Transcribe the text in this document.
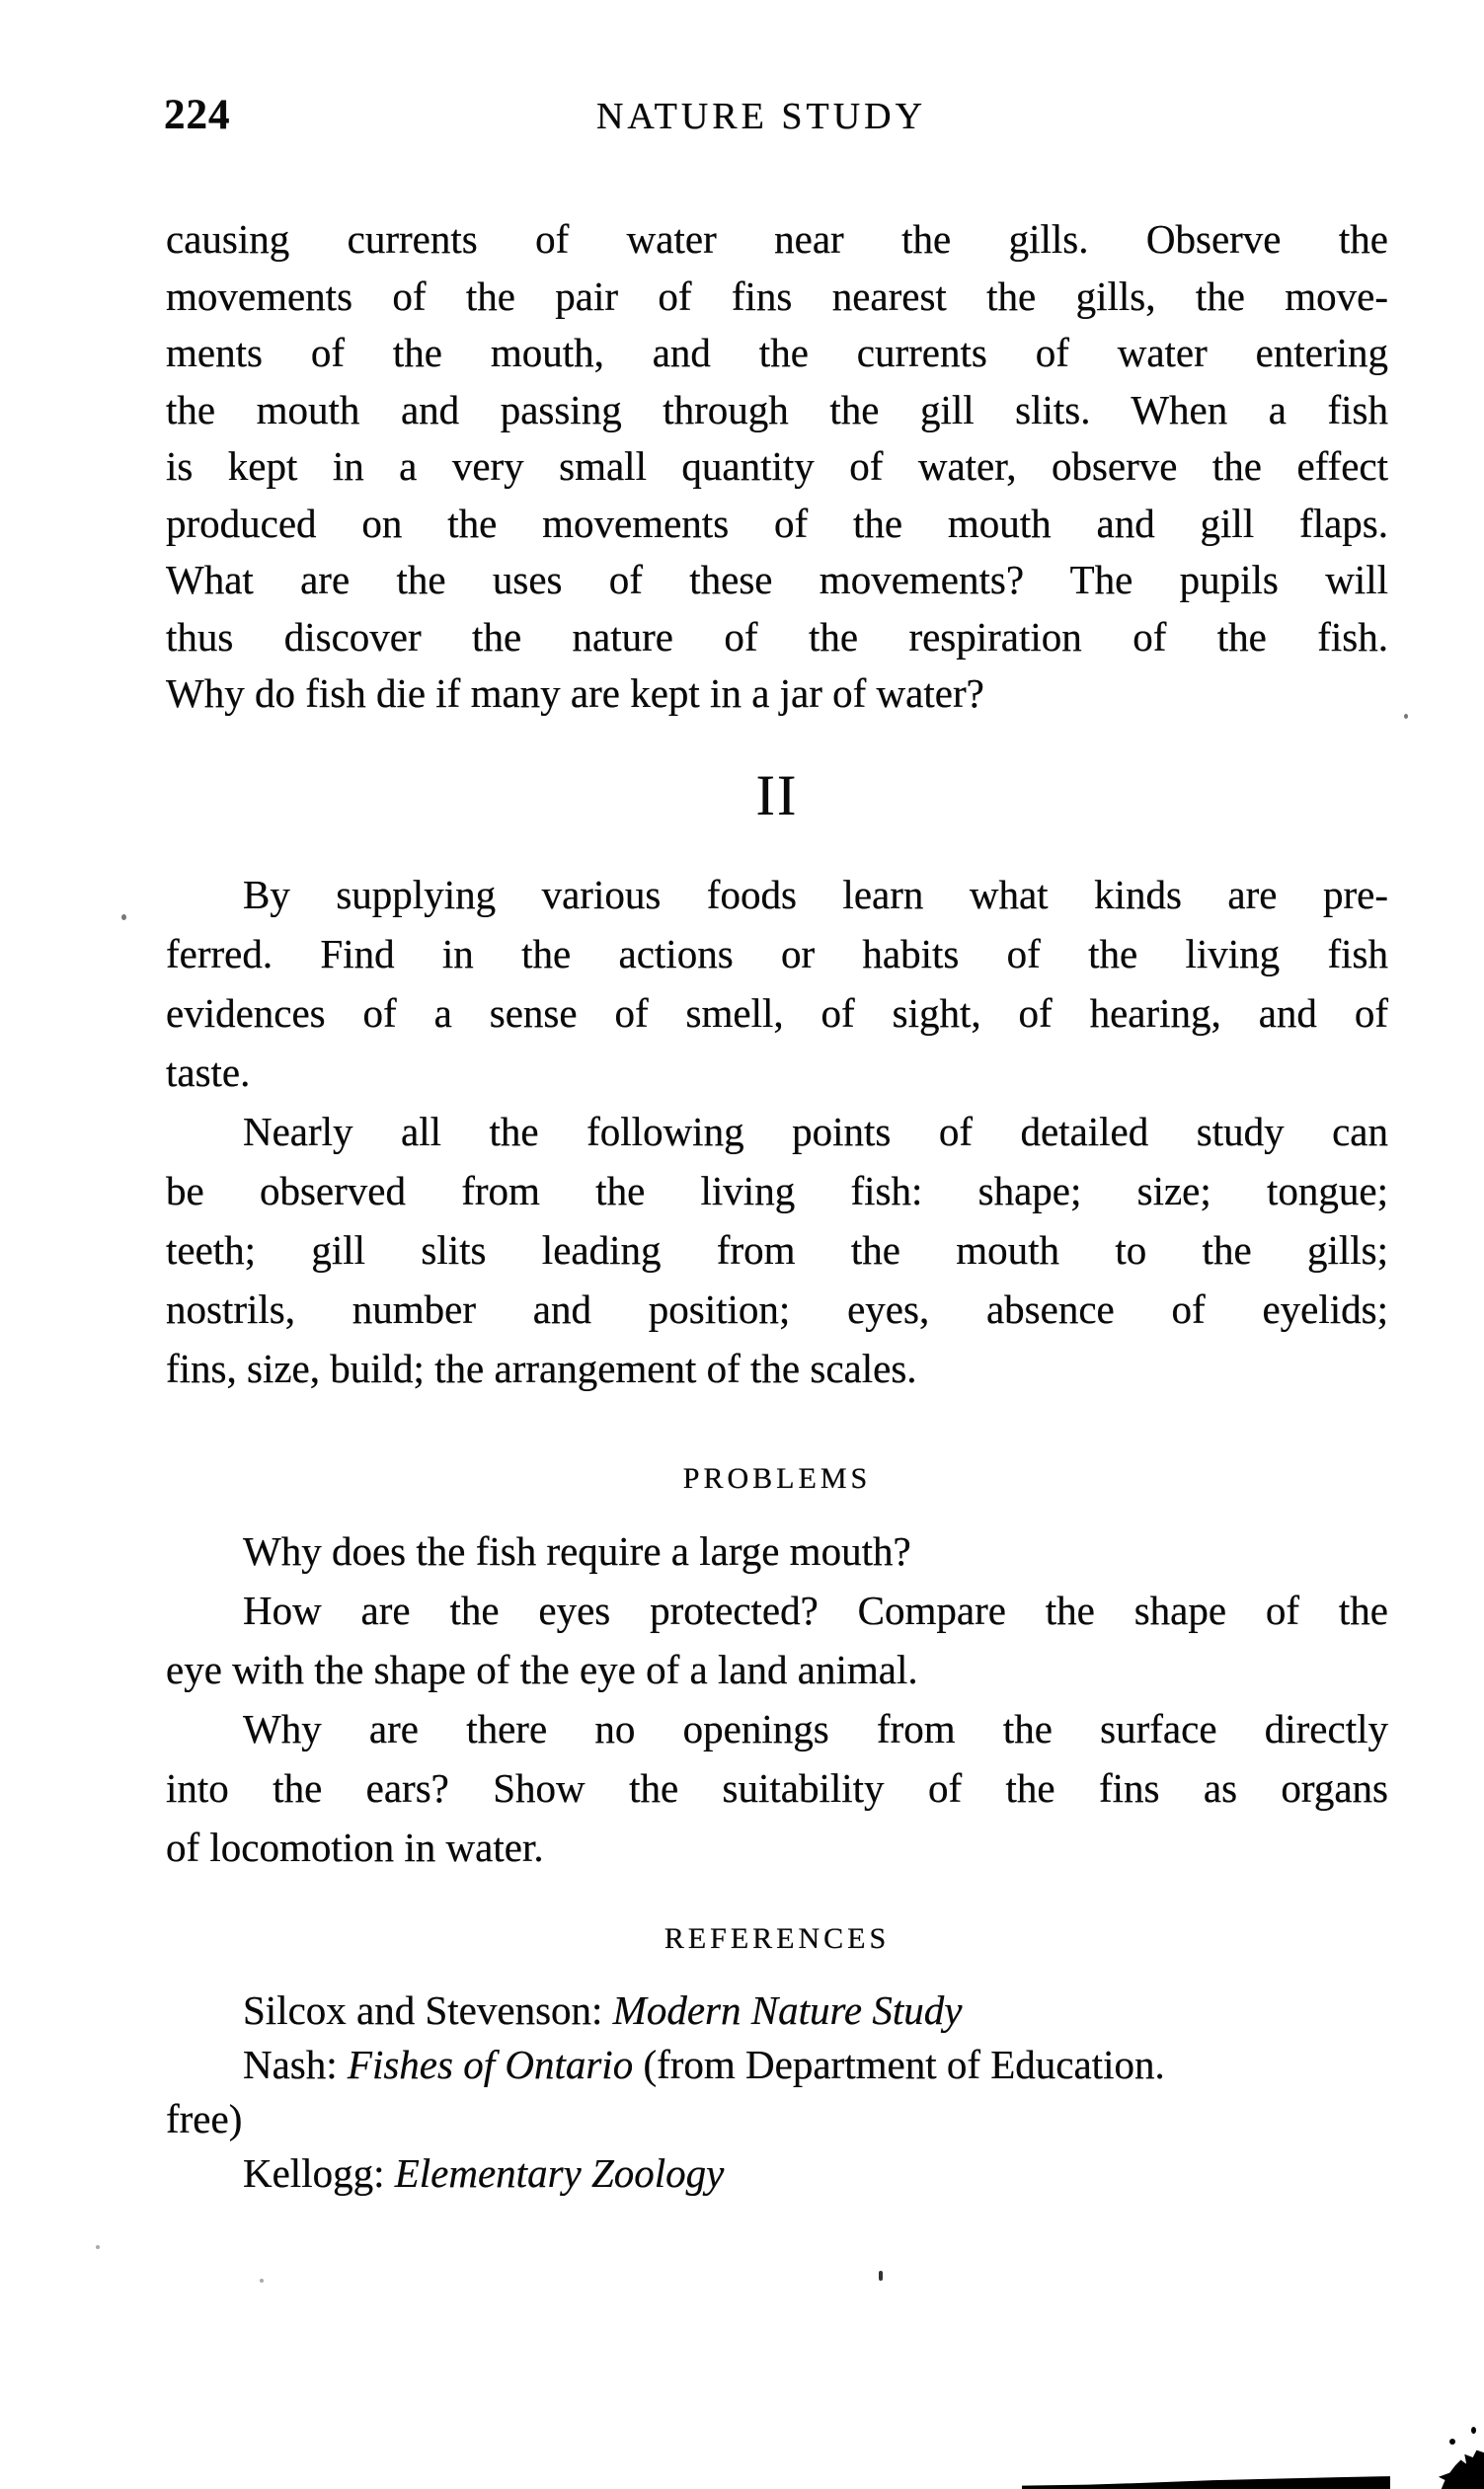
224	NATURE STUDY
causing currents of water near the gills. Observe the
movements of the pair of fins nearest the gills, the move-
ments of the mouth, and the currents of water entering
the mouth and passing through the gill slits. When a fish
is kept in a very small quantity of water, observe the effect
produced on the movements of the mouth and gill flaps.
What are the uses of these movements? The pupils will
thus discover the nature of the respiration of the fish.
Why do fish die if many are kept in a jar of water?
II
By supplying various foods learn what kinds are pre-
ferred. Find in the actions or habits of the living fish
evidences of a sense of smell, of sight, of hearing, and of
taste.
Nearly all the following points of detailed study can
be observed from the living fish: shape; size; tongue;
teeth; gill slits leading from the mouth to the gills;
nostrils, number and position; eyes, absence of eyelids;
fins, size, build; the arrangement of the scales.
PROBLEMS
Why does the fish require a large mouth?
How are the eyes protected? Compare the shape of the
eye with the shape of the eye of a land animal.
Why are there no openings from the surface directly
into the ears? Show the suitability of the fins as organs
of locomotion in water.
REFERENCES
Silcox and Stevenson: Modern Nature Study
Nash: Fishes of Ontario (from Department of Education.
free)
Kellogg: Elementary Zoology
